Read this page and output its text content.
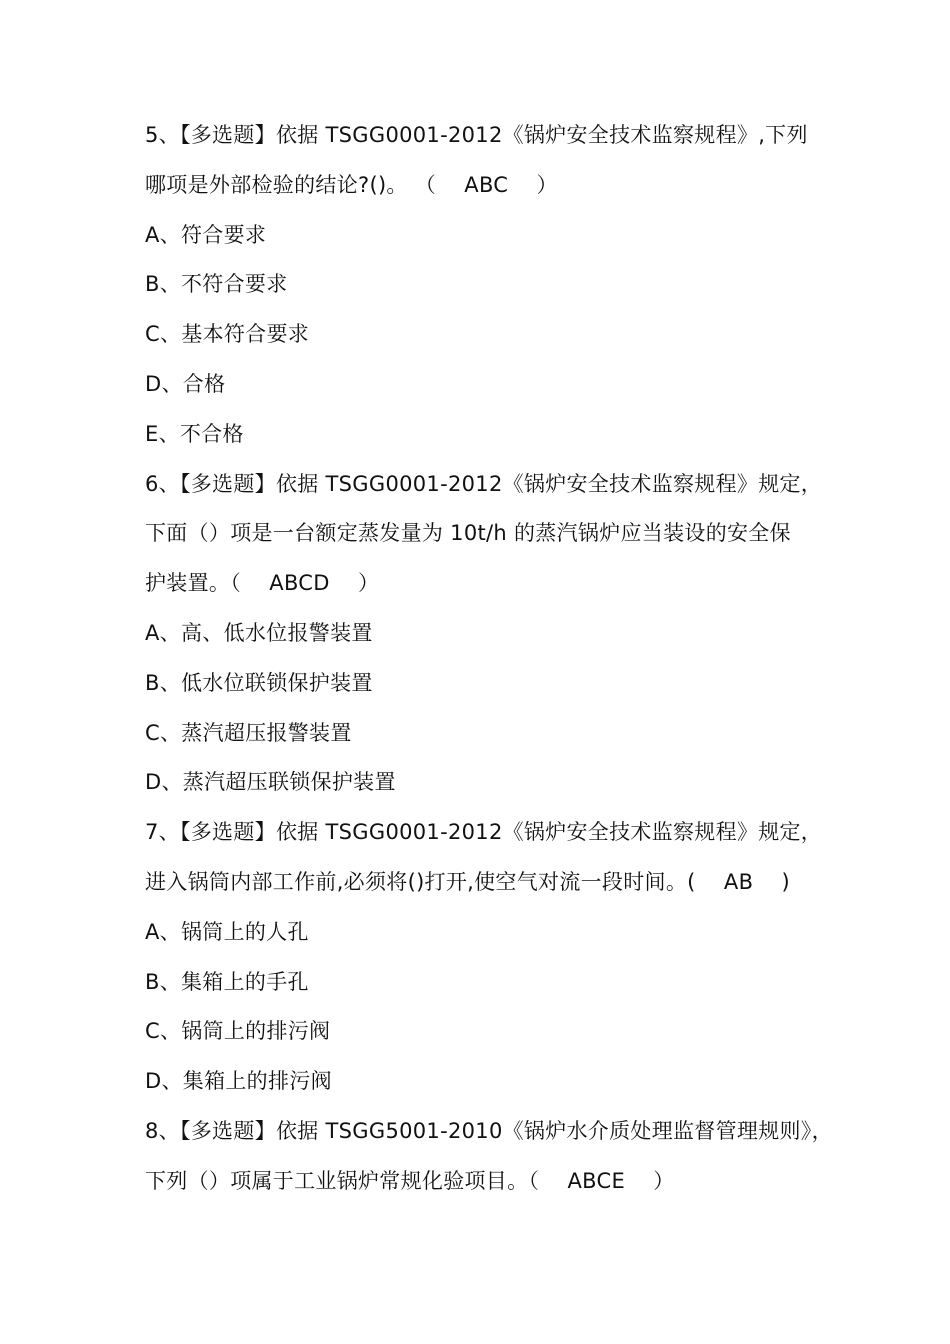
5、【多选题】依据 TSGG0001-2012《锅炉安全技术监察规程》,下列
哪项是外部检验的结论?()。 （　 ABC　 ）
A、符合要求
B、不符合要求
C、基本符合要求
D、合格
E、不合格
6、【多选题】依据 TSGG0001-2012《锅炉安全技术监察规程》规定，
下面（）项是一台额定蒸发量为 10t/h 的蒸汽锅炉应当装设的安全保
护装置。（　 ABCD　 ）
A、高、低水位报警装置
B、低水位联锁保护装置
C、蒸汽超压报警装置
D、蒸汽超压联锁保护装置
7、【多选题】依据 TSGG0001-2012《锅炉安全技术监察规程》规定，
进入锅筒内部工作前,必须将()打开,使空气对流一段时间。(　 AB　 )
A、锅筒上的人孔
B、集箱上的手孔
C、锅筒上的排污阀
D、集箱上的排污阀
8、【多选题】依据 TSGG5001-2010《锅炉水介质处理监督管理规则》，
下列（）项属于工业锅炉常规化验项目。（　 ABCE　 ）
